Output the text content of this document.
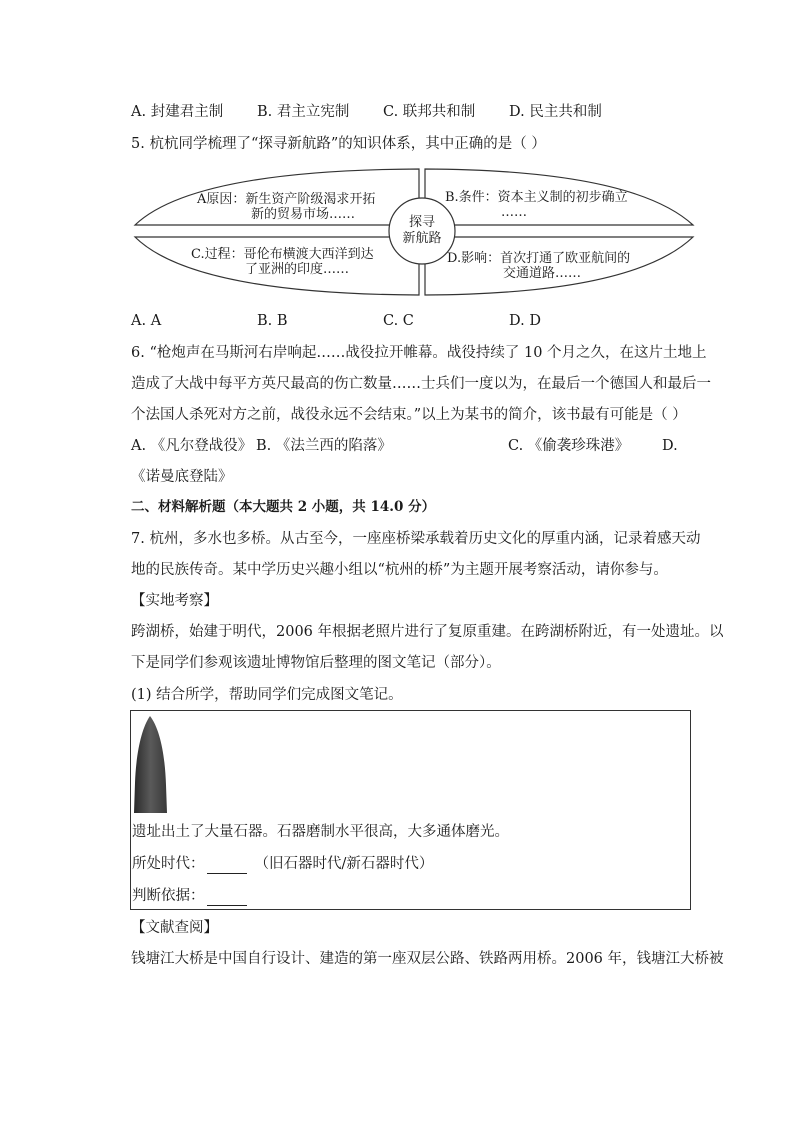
A. 封建君主制 B. 君主立宪制 C. 联邦共和制 D. 民主共和制
5. 杭杭同学梳理了“探寻新航路”的知识体系，其中正确的是（ ）
探寻
新航路
A原因：新生资产阶级渴求开拓
新的贸易市场……
B.条件：资本主义制的初步确立
……
C.过程：哥伦布横渡大西洋到达
了亚洲的印度……
D.影响：首次打通了欧亚航间的
交通道路……
A. A	B. B	C. C	D. D
6. “枪炮声在马斯河右岸响起……战役拉开帷幕。战役持续了 10 个月之久，在这片土地上
造成了大战中每平方英尺最高的伤亡数量……士兵们一度以为，在最后一个德国人和最后一
个法国人杀死对方之前，战役永远不会结束。”以上为某书的简介，该书最有可能是（ ）
A. 《凡尔登战役》 B. 《法兰西的陷落》	C. 《偷袭珍珠港》 D.
《诺曼底登陆》
二、材料解析题（本大题共 2 小题，共 14.0 分）
7. 杭州，多水也多桥。从古至今，一座座桥梁承载着历史文化的厚重内涵，记录着感天动
地的民族传奇。某中学历史兴趣小组以“杭州的桥”为主题开展考察活动，请你参与。
【实地考察】
跨湖桥，始建于明代，2006 年根据老照片进行了复原重建。在跨湖桥附近，有一处遗址。以
下是同学们参观该遗址博物馆后整理的图文笔记（部分）。
(1) 结合所学，帮助同学们完成图文笔记。
遗址出土了大量石器。石器磨制水平很高，大多通体磨光。
所处时代：	（旧石器时代/新石器时代）
判断依据：
【文献查阅】
钱塘江大桥是中国自行设计、建造的第一座双层公路、铁路两用桥。2006 年，钱塘江大桥被
